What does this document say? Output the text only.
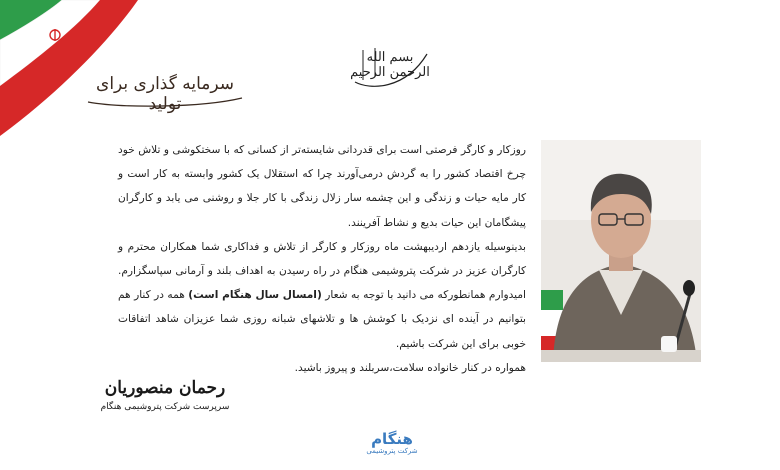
سرمایه گذاری برای تولید
بسم الله الرحمن الرحیم

روزکار و کارگر فرصتی است برای قدردانی شایسته‌تر از کسانی که با سختکوشی و تلاش خود چرخ اقتصاد کشور را به گردش درمی‌آورند چرا که استقلال یک کشور وابسته به کار است و کار مایه حیات و زندگی و این چشمه سار زلال زندگی با کار جلا و روشنی می یابد و کارگران پیشگامان این حیات بدیع و نشاط آفرینند.

بدینوسیله یازدهم اردیبهشت ماه روزکار و کارگر از تلاش و فداکاری شما همکاران محترم و کارگران عزیز در شرکت پتروشیمی هنگام در راه رسیدن به اهداف بلند و آرمانی سپاسگزارم. امیدوارم همانطورکه می دانید با توجه به شعار (امسال سال هنگام است) همه در کنار هم بتوانیم در آینده ای نزدیک با کوشش ها و تلاشهای شبانه روزی شما عزیزان شاهد اتفاقات خوبی برای این شرکت باشیم.

همواره در کنار خانواده سلامت،سربلند و پیروز باشید.

رحمان منصوریان
سرپرست شرکت پتروشیمی هنگام
هنگام
شرکت پتروشیمی
